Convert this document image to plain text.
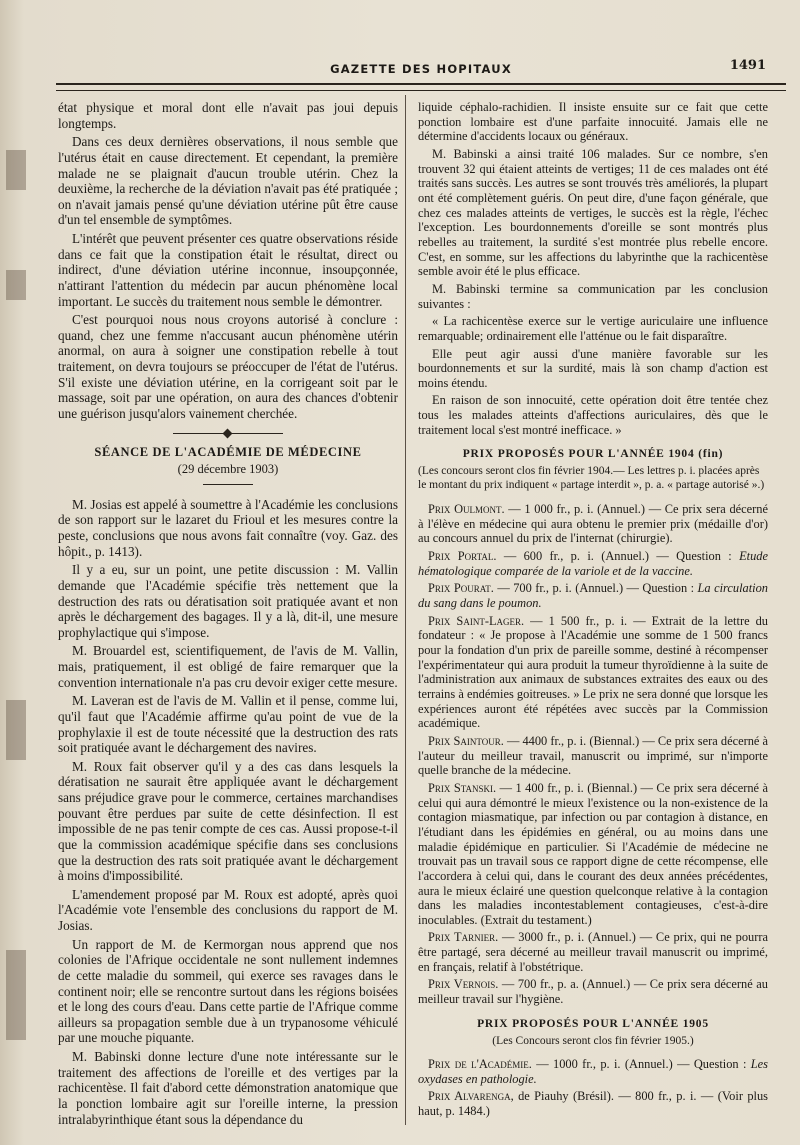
GAZETTE DES HOPITAUX	1491

état physique et moral dont elle n'avait pas joui depuis longtemps.

Dans ces deux dernières observations, il nous semble que l'utérus était en cause directement. Et cependant, la première malade ne se plaignait d'aucun trouble utérin. Chez la deuxième, la recherche de la déviation n'avait pas été pratiquée ; on n'avait jamais pensé qu'une déviation utérine pût être cause d'un tel ensemble de symptômes.

L'intérêt que peuvent présenter ces quatre observations réside dans ce fait que la constipation était le résultat, direct ou indirect, d'une déviation utérine inconnue, insoupçonnée, n'attirant l'attention du médecin par aucun phénomène local important. Le succès du traitement nous semble le démontrer.

C'est pourquoi nous nous croyons autorisé à conclure : quand, chez une femme n'accusant aucun phénomène utérin anormal, on aura à soigner une constipation rebelle à tout traitement, on devra toujours se préoccuper de l'état de l'utérus. S'il existe une déviation utérine, en la corrigeant soit par le massage, soit par une opération, on aura des chances d'obtenir une guérison jusqu'alors vainement cherchée.

SÉANCE DE L'ACADÉMIE DE MÉDECINE
(29 décembre 1903)

M. Josias est appelé à soumettre à l'Académie les conclusions de son rapport sur le lazaret du Frioul et les mesures contre la peste, conclusions que nous avons fait connaître (voy. Gaz. des hôpit., p. 1413).

Il y a eu, sur un point, une petite discussion : M. Vallin demande que l'Académie spécifie très nettement que la destruction des rats ou dératisation soit pratiquée avant et non après le déchargement des bagages. Il y a là, dit-il, une mesure prophylactique qui s'impose.

M. Brouardel est, scientifiquement, de l'avis de M. Vallin, mais, pratiquement, il est obligé de faire remarquer que la convention internationale n'a pas cru devoir exiger cette mesure.

M. Laveran est de l'avis de M. Vallin et il pense, comme lui, qu'il faut que l'Académie affirme qu'au point de vue de la prophylaxie il est de toute nécessité que la destruction des rats soit pratiquée avant le déchargement des navires.

M. Roux fait observer qu'il y a des cas dans lesquels la dératisation ne saurait être appliquée avant le déchargement sans préjudice grave pour le commerce, certaines marchandises pouvant être perdues par suite de cette désinfection. Il est impossible de ne pas tenir compte de ces cas. Aussi propose-t-il que la commission académique spécifie dans ses conclusions que la destruction des rats soit pratiquée avant le déchargement à moins d'impossibilité.

L'amendement proposé par M. Roux est adopté, après quoi l'Académie vote l'ensemble des conclusions du rapport de M. Josias.

Un rapport de M. de Kermorgan nous apprend que nos colonies de l'Afrique occidentale ne sont nullement indemnes de cette maladie du sommeil, qui exerce ses ravages dans le continent noir; elle se rencontre surtout dans les régions boisées et le long des cours d'eau. Dans cette partie de l'Afrique comme ailleurs sa propagation semble due à un trypanosome véhiculé par une mouche piquante.

M. Babinski donne lecture d'une note intéressante sur le traitement des affections de l'oreille et des vertiges par la rachicentèse. Il fait d'abord cette démonstration anatomique que la ponction lombaire agit sur l'oreille interne, la pression intralabyrinthique étant sous la dépendance du

liquide céphalo-rachidien. Il insiste ensuite sur ce fait que cette ponction lombaire est d'une parfaite innocuité. Jamais elle ne détermine d'accidents locaux ou généraux.

M. Babinski a ainsi traité 106 malades. Sur ce nombre, s'en trouvent 32 qui étaient atteints de vertiges; 11 de ces malades ont été traités sans succès. Les autres se sont trouvés très améliorés, la plupart ont été complètement guéris. On peut dire, d'une façon générale, que chez ces malades atteints de vertiges, le succès est la règle, l'échec l'exception. Les bourdonnements d'oreille se sont montrés plus rebelles au traitement, la surdité s'est montrée plus rebelle encore. C'est, en somme, sur les affections du labyrinthe que la rachicentèse semble avoir été le plus efficace.

M. Babinski termine sa communication par les conclusion suivantes :

« La rachicentèse exerce sur le vertige auriculaire une influence remarquable; ordinairement elle l'atténue ou le fait disparaître.

Elle peut agir aussi d'une manière favorable sur les bourdonnements et sur la surdité, mais là son champ d'action est moins étendu.

En raison de son innocuité, cette opération doit être tentée chez tous les malades atteints d'affections auriculaires, dès que le traitement local s'est montré inefficace. »

PRIX PROPOSÉS POUR L'ANNÉE 1904 (fin)
(Les concours seront clos fin février 1904.— Les lettres p. i. placées après le montant du prix indiquent « partage interdit », p. a. « partage autorisé ».)

Prix Oulmont. — 1 000 fr., p. i. (Annuel.) — Ce prix sera décerné à l'élève en médecine qui aura obtenu le premier prix (médaille d'or) au concours annuel du prix de l'internat (chirurgie).

Prix Portal. — 600 fr., p. i. (Annuel.) — Question : Etude hématologique comparée de la variole et de la vaccine.

Prix Pourat. — 700 fr., p. i. (Annuel.) — Question : La circulation du sang dans le poumon.

Prix Saint-Lager. — 1 500 fr., p. i. — Extrait de la lettre du fondateur : « Je propose à l'Académie une somme de 1 500 francs pour la fondation d'un prix de pareille somme, destiné à récompenser l'expérimentateur qui aura produit la tumeur thyroïdienne à la suite de l'administration aux animaux de substances extraites des eaux ou des terrains à endémies goitreuses. » Le prix ne sera donné que lorsque les expériences auront été répétées avec succès par la Commission académique.

Prix Saintour. — 4400 fr., p. i. (Biennal.) — Ce prix sera décerné à l'auteur du meilleur travail, manuscrit ou imprimé, sur n'importe quelle branche de la médecine.

Prix Stanski. — 1 400 fr., p. i. (Biennal.) — Ce prix sera décerné à celui qui aura démontré le mieux l'existence ou la non-existence de la contagion miasmatique, par infection ou par contagion à distance, en l'étudiant dans les épidémies en général, ou au moins dans une maladie épidémique en particulier. Si l'Académie de médecine ne trouvait pas un travail sous ce rapport digne de cette récompense, elle l'accordera à celui qui, dans le courant des deux années précédentes, aura le mieux éclairé une question quelconque relative à la contagion dans les maladies incontestablement contagieuses, c'est-à-dire inoculables. (Extrait du testament.)

Prix Tarnier. — 3000 fr., p. i. (Annuel.) — Ce prix, qui ne pourra être partagé, sera décerné au meilleur travail manuscrit ou imprimé, en français, relatif à l'obstétrique.

Prix Vernois. — 700 fr., p. a. (Annuel.) — Ce prix sera décerné au meilleur travail sur l'hygiène.

PRIX PROPOSÉS POUR L'ANNÉE 1905
(Les Concours seront clos fin février 1905.)

Prix de l'Académie. — 1000 fr., p. i. (Annuel.) — Question : Les oxydases en pathologie.

Prix Alvarenga, de Piauhy (Brésil). — 800 fr., p. i. — (Voir plus haut, p. 1484.)
